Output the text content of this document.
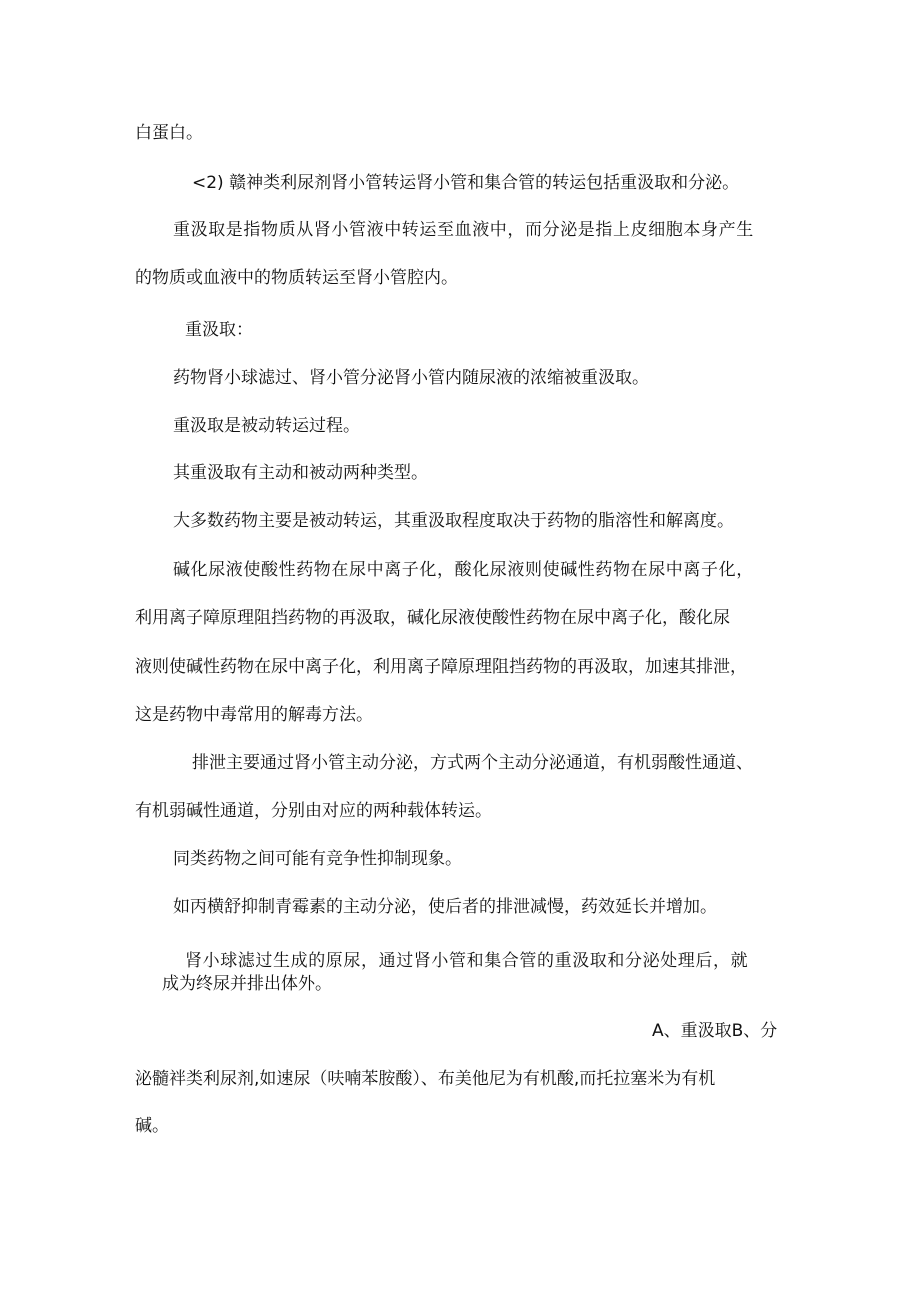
白蛋白。
<2) 赣神类利尿剂肾小管转运肾小管和集合管的转运包括重汲取和分泌。
重汲取是指物质从肾小管液中转运至血液中，而分泌是指上皮细胞本身产生
的物质或血液中的物质转运至肾小管腔内。
重汲取：
药物肾小球滤过、肾小管分泌肾小管内随尿液的浓缩被重汲取。
重汲取是被动转运过程。
其重汲取有主动和被动两种类型。
大多数药物主要是被动转运，其重汲取程度取决于药物的脂溶性和解离度。
碱化尿液使酸性药物在尿中离子化，酸化尿液则使碱性药物在尿中离子化，
利用离子障原理阻挡药物的再汲取，碱化尿液使酸性药物在尿中离子化，酸化尿
液则使碱性药物在尿中离子化，利用离子障原理阻挡药物的再汲取，加速其排泄，
这是药物中毒常用的解毒方法。
排泄主要通过肾小管主动分泌，方式两个主动分泌通道，有机弱酸性通道、
有机弱碱性通道，分别由对应的两种载体转运。
同类药物之间可能有竞争性抑制现象。
如丙横舒抑制青霉素的主动分泌，使后者的排泄减慢，药效延长并增加。
肾小球滤过生成的原尿，通过肾小管和集合管的重汲取和分泌处理后，就
成为终尿并排出体外。
A、重汲取B、分
泌髓袢类利尿剂,如速尿（呋喃苯胺酸）、布美他尼为有机酸,而托拉塞米为有机
碱。
